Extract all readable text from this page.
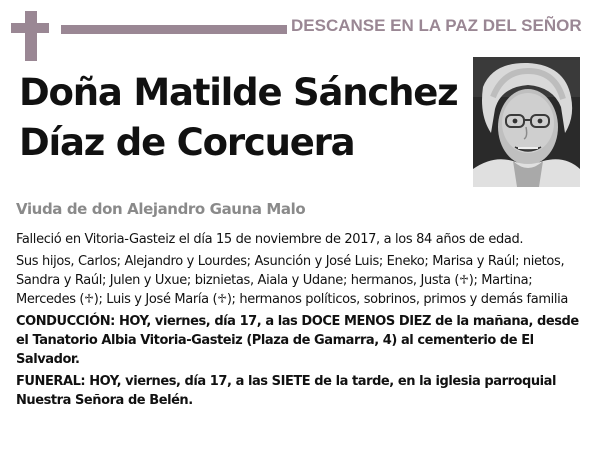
DESCANSE EN LA PAZ DEL SEÑOR
Doña Matilde Sánchez
Díaz de Corcuera
Viuda de don Alejandro Gauna Malo

Falleció en Vitoria-Gasteiz el día 15 de noviembre de 2017, a los 84 años de edad.

Sus hijos, Carlos; Alejandro y Lourdes; Asunción y José Luis; Eneko; Marisa y Raúl; nietos, Sandra y Raúl; Julen y Uxue; biznietas, Aiala y Udane; hermanos, Justa (♱); Martina; Mercedes (♱); Luis y José María (♱); hermanos políticos, sobrinos, primos y demás familia

CONDUCCIÓN: HOY, viernes, día 17, a las DOCE MENOS DIEZ de la mañana, desde el Tanatorio Albia Vitoria-Gasteiz (Plaza de Gamarra, 4) al cementerio de El Salvador.

FUNERAL: HOY, viernes, día 17, a las SIETE de la tarde, en la iglesia parroquial Nuestra Señora de Belén.
